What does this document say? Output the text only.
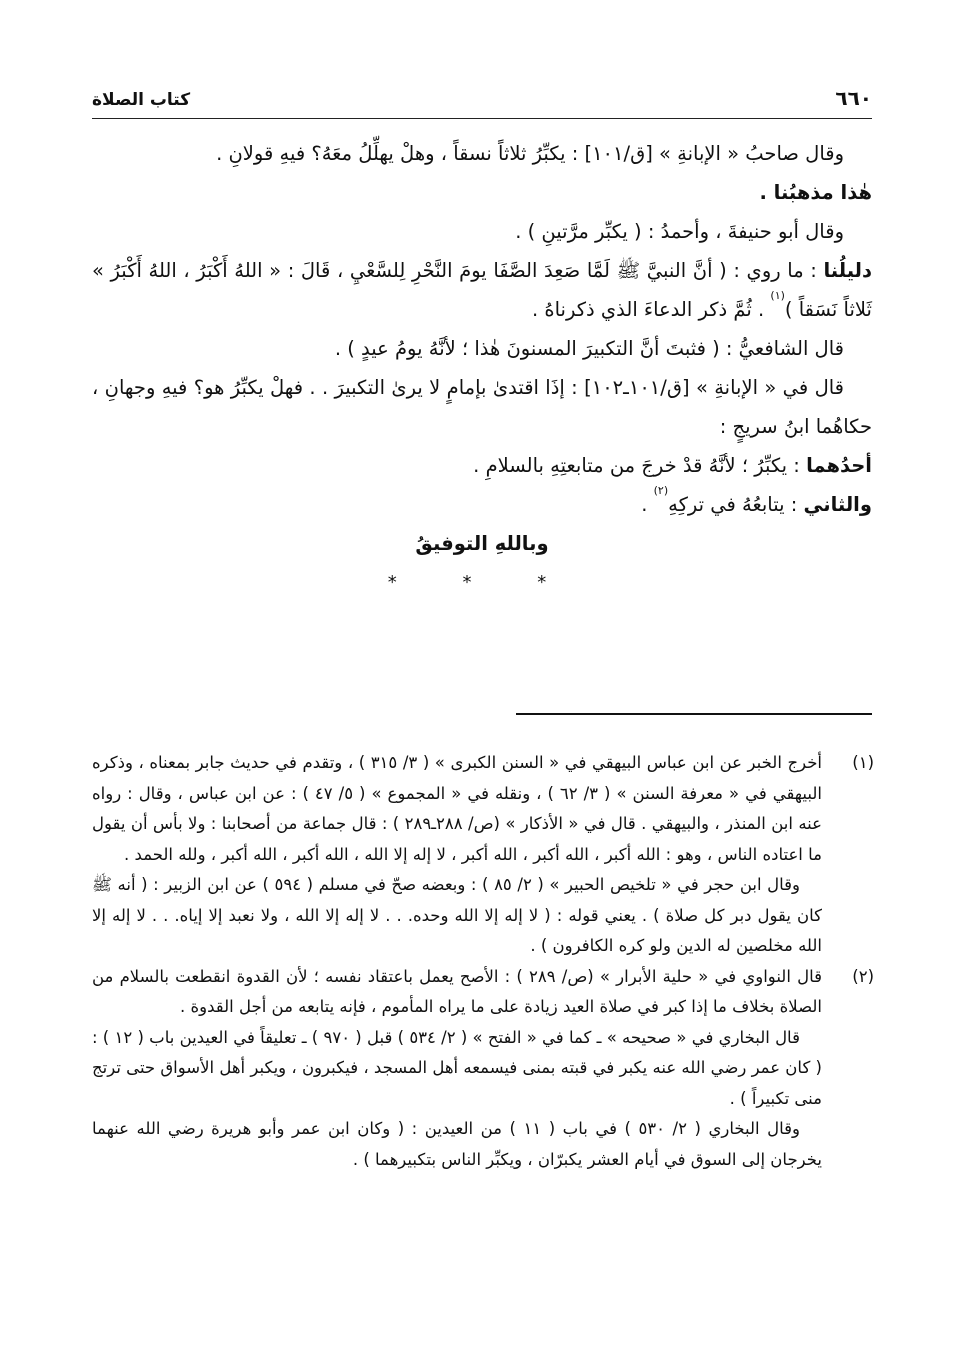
كتاب الصلاة	٦٦٠

وقال صاحبُ « الإبانةِ » [ق/١٠١] : يكبِّرُ ثلاثاً نسقاً ، وهلْ يهلِّلُ معَهُ؟ فيهِ قولانِ .

هٰذا مذهبُنا .

وقال أبو حنيفةَ ، وأحمدُ : ( يكبِّر مرَّتينِ ) .

دليلُنا : ما روي : ( أنَّ النبيَّ ﷺ لَمَّا صَعِدَ الصَّفَا يومَ النَّحْرِ لِلسَّعْيِ ، قَالَ : « اللهُ أَكْبَرُ ، اللهُ أَكْبَرُ » ثَلاثاً نَسَقاً )$^{(١)}$ . ثُمَّ ذكر الدعاءَ الذي ذكرناهُ .

قال الشافعيُّ : ( فثبتَ أنَّ التكبيرَ المسنونَ هٰذا ؛ لأنَّهُ يومُ عيدٍ ) .

قال في « الإبانةِ » [ق/١٠١ـ١٠٢] : إذَا اقتدىٰ بإمامٍ لا يرىٰ التكبيرَ . . فهلْ يكبِّرُ هو؟ فيهِ وجهانِ ، حكاهُما ابنُ سريجٍ :

أحدُهما : يكبِّرُ ؛ لأنَّهُ قدْ خرجَ من متابعتِهِ بالسلامِ .

والثاني : يتابعُهُ في تركِهِ$^{(٢)}$ .

وباللهِ التوفيقُ

* * *

(١)

أخرج الخبر عن ابن عباس البيهقي في « السنن الكبرى » ( ٣/ ٣١٥ ) ، وتقدم في حديث جابر بمعناه ، وذكره البيهقي في « معرفة السنن » ( ٣/ ٦٢ ) ، ونقله في « المجموع » ( ٥/ ٤٧ ) : عن ابن عباس ، وقال : رواه عنه ابن المنذر ، والبيهقي . قال في « الأذكار » (ص/ ٢٨٨ـ٢٨٩ ) : قال جماعة من أصحابنا : ولا بأس أن يقول ما اعتاده الناس ، وهو : الله أكبر ، الله أكبر ، الله أكبر ، لا إله إلا الله ، الله أكبر ، الله أكبر ، ولله الحمد .

وقال ابن حجر في « تلخيص الحبير » ( ٢/ ٨٥ ) : وبعضه صحّ في مسلم ( ٥٩٤ ) عن ابن الزبير : ( أنه ﷺ كان يقول دبر كل صلاة ) . يعني قوله : ( لا إله إلا الله وحده. . . لا إله إلا الله ، ولا نعبد إلا إياه. . . لا إله إلا الله مخلصين له الدين ولو كره الكافرون ) .

(٢)

قال النواوي في « حلية الأبرار » (ص/ ٢٨٩ ) : الأصح يعمل باعتقاد نفسه ؛ لأن القدوة انقطعت بالسلام من الصلاة بخلاف ما إذا كبر في صلاة العيد زيادة على ما يراه المأموم ، فإنه يتابعه من أجل القدوة .

قال البخاري في « صحيحه » ـ كما في « الفتح » ( ٢/ ٥٣٤ ) قبل ( ٩٧٠ ) ـ تعليقاً في العيدين باب ( ١٢ ) : ( كان عمر رضي الله عنه يكبر في قبته بمنى فيسمعه أهل المسجد ، فيكبرون ، ويكبر أهل الأسواق حتى ترتج منى تكبيراً ) .

وقال البخاري ( ٢/ ٥٣٠ ) في باب ( ١١ ) من العيدين : ( وكان ابن عمر وأبو هريرة رضي الله عنهما يخرجان إلى السوق في أيام العشر يكبرّان ، ويكبِّر الناس بتكبيرهما ) .
